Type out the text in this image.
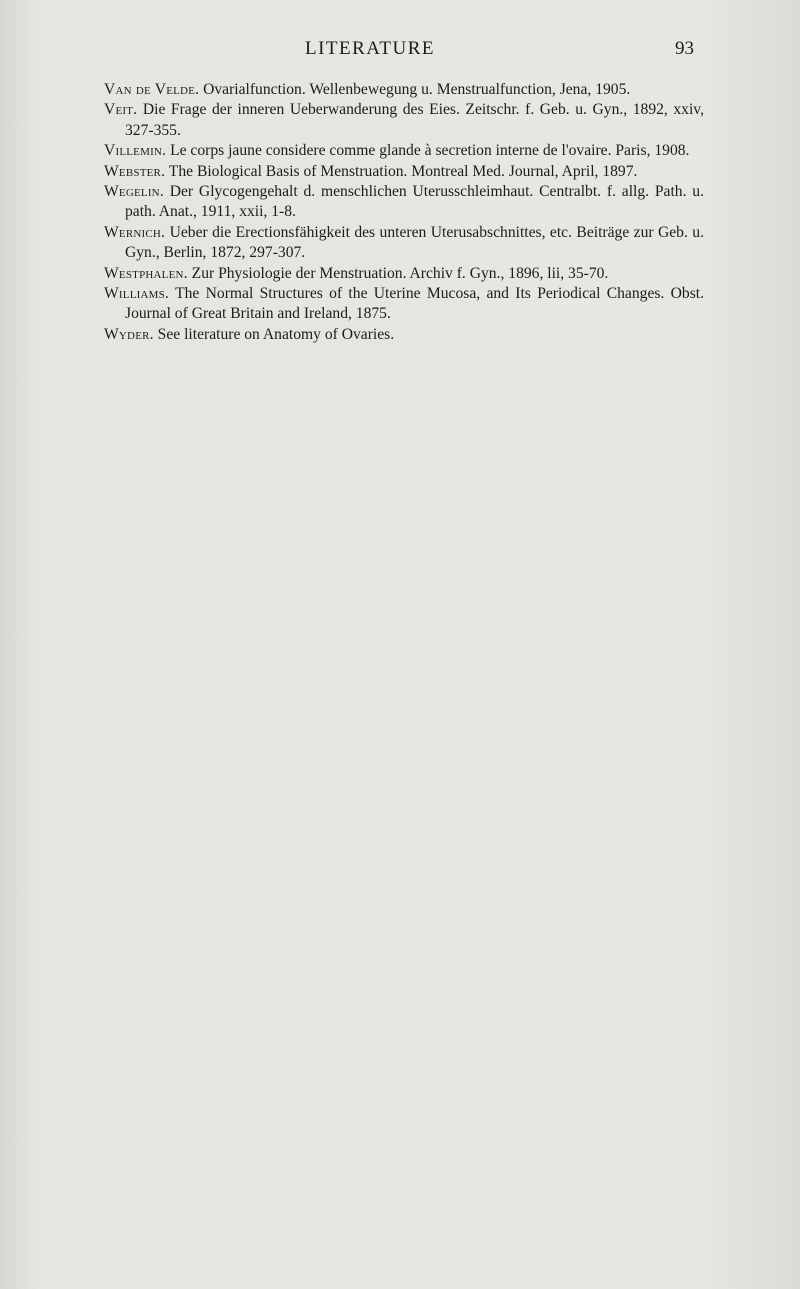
LITERATURE	93
Van de Velde. Ovarialfunction. Wellenbewegung u. Menstrualfunction, Jena, 1905.
Veit. Die Frage der inneren Ueberwanderung des Eies. Zeitschr. f. Geb. u. Gyn., 1892, xxiv, 327-355.
Villemin. Le corps jaune considere comme glande à secretion interne de l'ovaire. Paris, 1908.
Webster. The Biological Basis of Menstruation. Montreal Med. Journal, April, 1897.
Wegelin. Der Glycogengehalt d. menschlichen Uterusschleimhaut. Centralbt. f. allg. Path. u. path. Anat., 1911, xxii, 1-8.
Wernich. Ueber die Erectionsfähigkeit des unteren Uterusabschnittes, etc. Beiträge zur Geb. u. Gyn., Berlin, 1872, 297-307.
Westphalen. Zur Physiologie der Menstruation. Archiv f. Gyn., 1896, lii, 35-70.
Williams. The Normal Structures of the Uterine Mucosa, and Its Periodical Changes. Obst. Journal of Great Britain and Ireland, 1875.
Wyder. See literature on Anatomy of Ovaries.
